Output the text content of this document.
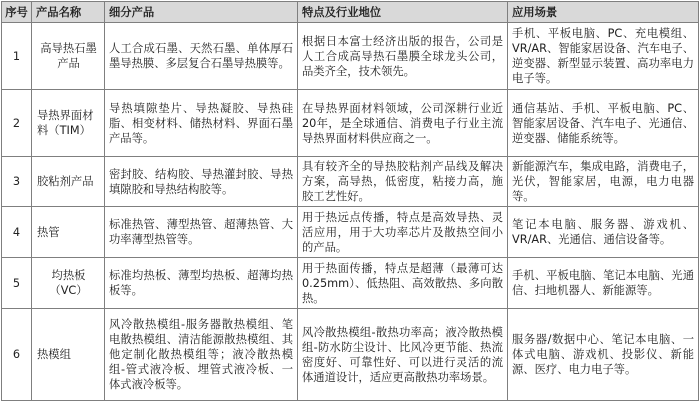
序号	产品名称	细分产品	特点及行业地位	应用场景
1	高导热石墨产品	人工合成石墨、天然石墨、单体厚石墨导热膜、多层复合石墨导热膜等。	根据日本富士经济出版的报告，公司是人工合成高导热石墨膜全球龙头公司，品类齐全，技术领先。	手机、平板电脑、PC、充电模组、VR/AR、智能家居设备、汽车电子、逆变器、新型显示装置、高功率电力电子等。
2	导热界面材料（TIM）	导热填隙垫片、导热凝胶、导热硅脂、相变材料、储热材料、界面石墨产品等。	在导热界面材料领域，公司深耕行业近20年，是全球通信、消费电子行业主流导热界面材料供应商之一。	通信基站、手机、平板电脑、PC、智能家居设备、汽车电子、光通信、逆变器、储能系统等。
3	胶粘剂产品	密封胶、结构胶、导热灌封胶、导热填隙胶和导热结构胶等。	具有较齐全的导热胶粘剂产品线及解决方案，高导热，低密度，粘接力高，施胶工艺性好。	新能源汽车，集成电路，消费电子，光伏，智能家居，电源，电力电器等。
4	热管	标准热管、薄型热管、超薄热管、大功率薄型热管等。	用于热远点传播，特点是高效导热、灵活应用，用于大功率芯片及散热空间小的产品。	笔记本电脑、服务器、游戏机、VR/AR、光通信、通信设备等。
5	均热板（VC）	标准均热板、薄型均热板、超薄均热板等。	用于热面传播，特点是超薄（最薄可达0.25mm）、低热阻、高效散热、多向散热。	手机、平板电脑、笔记本电脑、光通信、扫地机器人、新能源等。
6	热模组	风冷散热模组-服务器散热模组、笔电散热模组、清洁能源散热模组、其他定制化散热模组等；液冷散热模组-管式液冷板、埋管式液冷板、一体式液冷板等。	风冷散热模组-散热功率高；液冷散热模组-防水防尘设计、比风冷更节能、热流密度好、可靠性好、可以进行灵活的流体通道设计，适应更高散热功率场景。	服务器/数据中心、笔记本电脑、一体式电脑、游戏机、投影仪、新能源、医疗、电力电子等。
